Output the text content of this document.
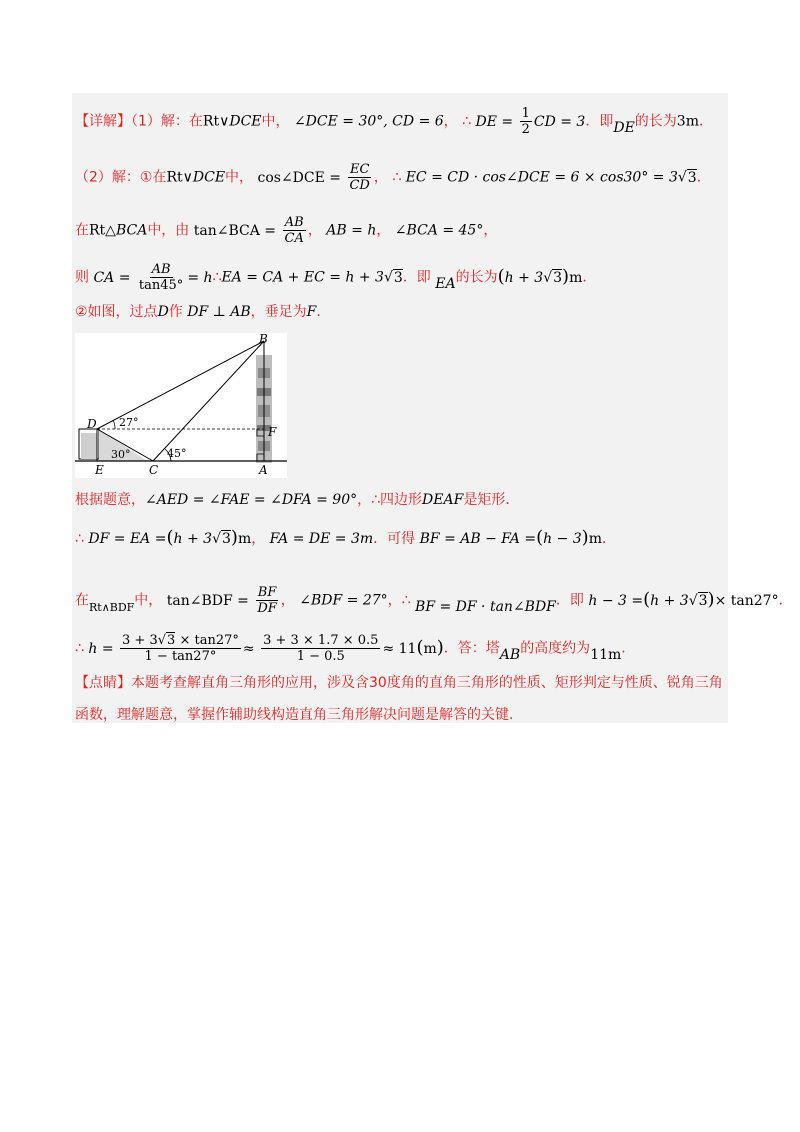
【详解】（1）解：在Rt∨DCE中， ∠DCE = 30°, CD = 6， ∴ DE = $\frac{1}{2}$ CD = 3．即DE的长为3m．
（2）解：①在Rt∨DCE中， cos∠DCE = $\frac{EC}{CD}$ ， ∴ EC = CD · cos∠DCE = 6 × cos30° = 3√3．
在Rt△BCA中，由 tan∠BCA = $\frac{AB}{CA}$ ， AB = h， ∠BCA = 45°，
则 CA = $\frac{AB}{\tan 45^\circ}$ = h∴EA = CA + EC = h + 3√3．即 EA的长为(h + 3√3)m．
②如图，过点D作 DF ⊥ AB，垂足为F．
B
D
F
E	C	A
27°
30°	45°
根据题意，∠AED = ∠FAE = ∠DFA = 90°，∴四边形DEAF是矩形．
∴ DF = EA =(h + 3√3)m， FA = DE = 3m．可得 BF = AB − FA =(h − 3)m．
在$_{Rt\wedge BDF}$中， tan∠BDF = $\frac{BF}{DF}$ ， ∠BDF = 27°，∴ BF = DF · tan∠BDF．即 h − 3 =(h + 3√3)× tan27°．
∴ $h = \frac{3 + 3√3 \times \tan 27^\circ}{1 - \tan 27^\circ} \approx \frac{3 + 3 \times 1.7 \times 0.5}{1 - 0.5} \approx 11(m)$．答：塔AB的高度约为11m．
【点睛】本题考查解直角三角形的应用，涉及含30度角的直角三角形的性质、矩形判定与性质、锐角三角
函数，理解题意，掌握作辅助线构造直角三角形解决问题是解答的关键.
